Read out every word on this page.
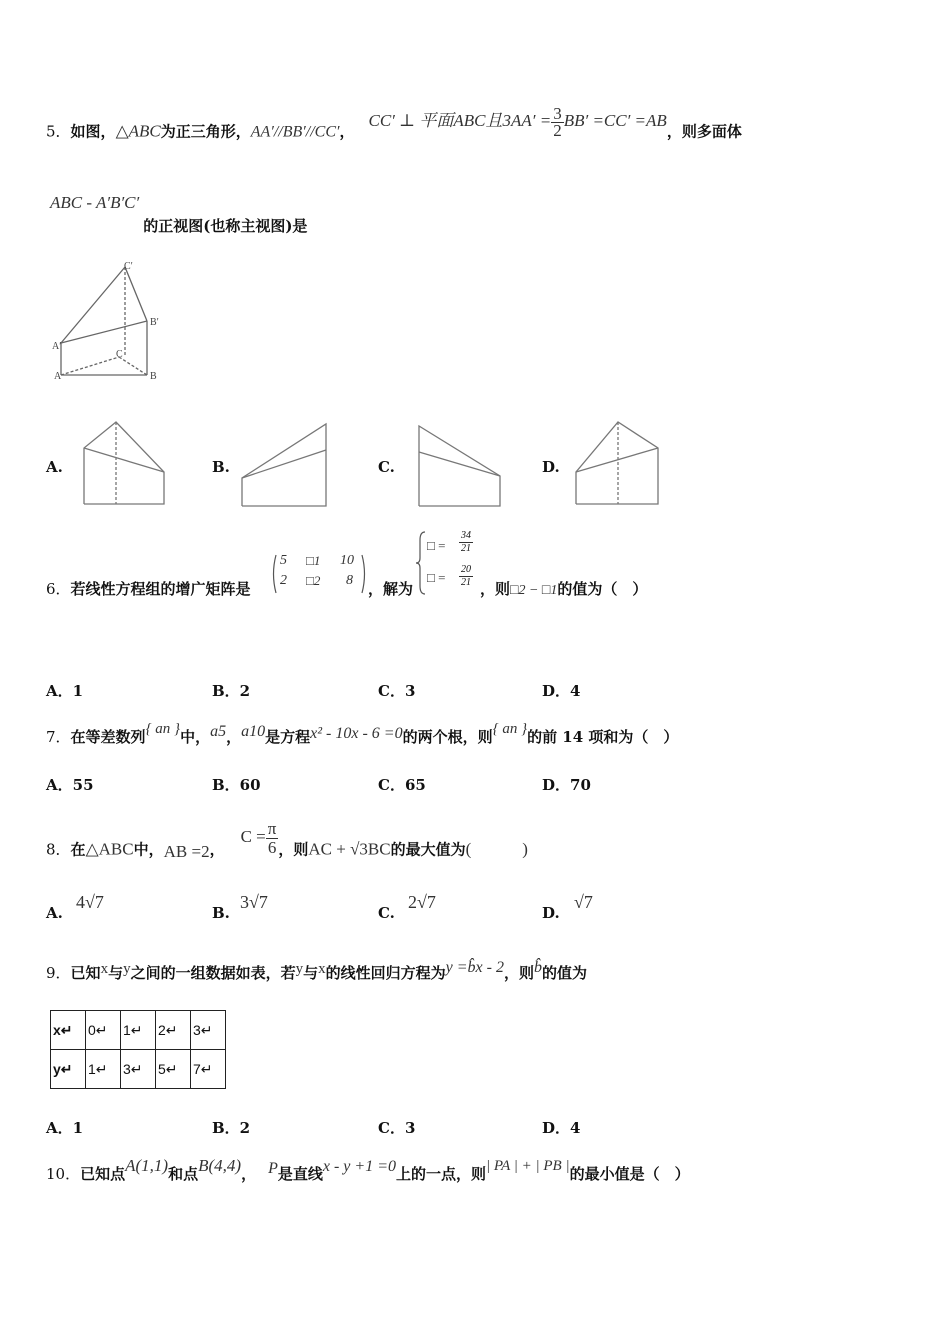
5．如图，△ABC为正三角形，AA′//BB′//CC′，CC′ ⊥ 平面ABC且$3AA' = \frac{3}{2} BB' =CC' =AB$，则多面体
ABC - A′B′C′的正视图(也称主视图)是
C′
B′
A′
C
A	B
A.	B.	C.	D.
6．若线性方程组的增广矩阵是
5 □1 10
2 □2 8 ，解为
□ = $\frac{34}{21}$
□ = $\frac{20}{21}$ ，则□2 − □1的值为（　）
A．1	B．2	C．3	D．4
7．在等差数列{ an }中，a5，a10是方程x² - 10x - 6 =0的两个根，则{ an }的前 14 项和为（　）
A．55	B．60	C．65	D．70
8．在△ABC中，AB =2，$C = \frac{\pi}{6}$ ，则AC + √3BC的最大值为(　　　)
A.
4√7
B.
3√7
C.
2√7
D.
√7
9．已知x与y之间的一组数据如表，若y与x的线性回归方程为y =b̂x - 2，则b̂的值为
x↵	0↵	1↵	2↵	3↵
y↵	1↵	3↵	5↵	7↵
A．1	B．2	C．3	D．4
10．已知点A(1,1)和点B(4,4)， P是直线x - y +1 =0上的一点，则| PA | + | PB |的最小值是（　）
